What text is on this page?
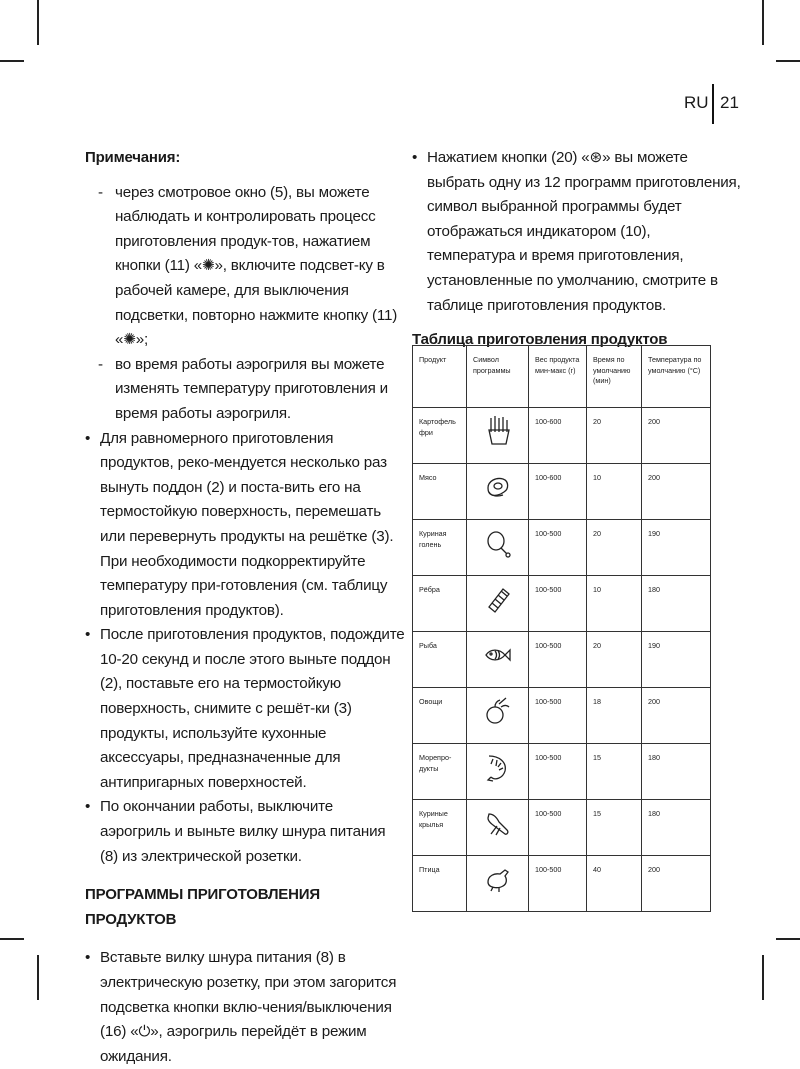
RU 21
Примечания:
- через смотровое окно (5), вы можете наблюдать и контролировать процесс приготовления продук-тов, нажатием кнопки (11) «✺», включите подсвет-ку в рабочей камере, для выключения подсветки, повторно нажмите кнопку (11) «✺»;
- во время работы аэрогриля вы можете изменять температуру приготовления и время работы аэрогриля.
• Для равномерного приготовления продуктов, реко-мендуется несколько раз вынуть поддон (2) и поста-вить его на термостойкую поверхность, перемешать или перевернуть продукты на решётке (3). При необходимости подкорректируйте температуру при-готовления (см. таблицу приготовления продуктов).
• После приготовления продуктов, подождите 10-20 секунд и после этого выньте поддон (2), поставьте его на термостойкую поверхность, снимите с решёт-ки (3) продукты, используйте кухонные аксессуары, предназначенные для антипригарных поверхностей.
• По окончании работы, выключите аэрогриль и выньте вилку шнура питания (8) из электрической розетки.
ПРОГРАММЫ ПРИГОТОВЛЕНИЯ ПРОДУКТОВ
• Вставьте вилку шнура питания (8) в электрическую розетку, при этом загорится подсветка кнопки вклю-чения/выключения (16) «⏻», аэрогриль перейдёт в режим ожидания.
• Нажатием кнопки (20) «⊛» вы можете выбрать одну из 12 программ приготовления, символ выбранной программы будет отображаться индикатором (10), температура и время приготовления, установленные по умолчанию, смотрите в таблице приготовления продуктов.
Таблица приготовления продуктов
Продукт	Символ программы	Вес продукта мин-макс (г)	Время по умолчанию (мин)	Температура по умолчанию (°C)
Картофель фри		100-600	20	200
Мясо		100-600	10	200
Куриная голень		100-500	20	190
Рёбра		100-500	10	180
Рыба		100-500	20	190
Овощи		100-500	18	200
Морепро-дукты		100-500	15	180
Куриные крылья		100-500	15	180
Птица		100-500	40	200
